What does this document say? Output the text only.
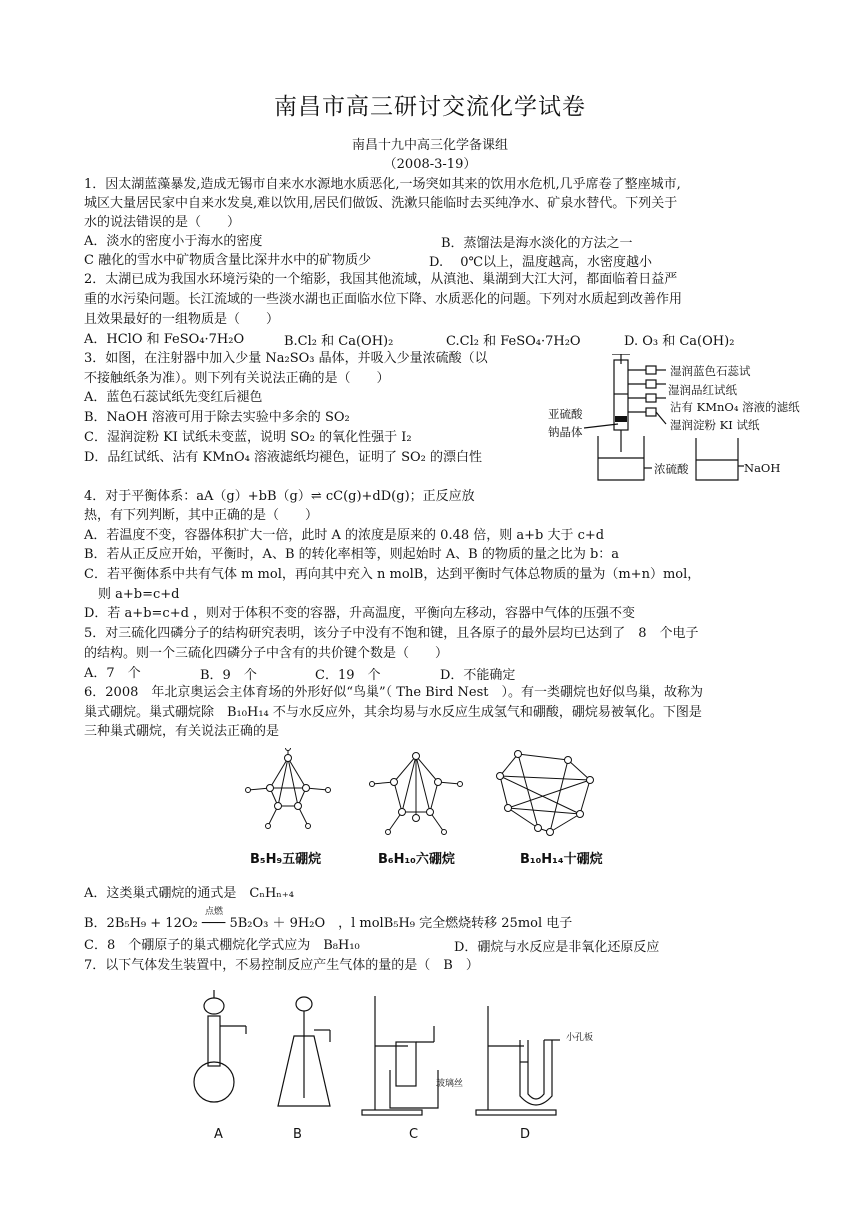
南昌市高三研讨交流化学试卷
南昌十九中高三化学备课组
（2008-3-19）
1．因太湖蓝藻暴发,造成无锡市自来水水源地水质恶化,一场突如其来的饮用水危机,几乎席卷了整座城市,
城区大量居民家中自来水发臭,难以饮用,居民们做饭、洗漱只能临时去买纯净水、矿泉水替代。下列关于
水的说法错误的是（　　）
A．淡水的密度小于海水的密度	B．蒸馏法是海水淡化的方法之一
C 融化的雪水中矿物质含量比深井水中的矿物质少	D.　 0℃以上，温度越高，水密度越小
2．太湖已成为我国水环境污染的一个缩影，我国其他流域，从滇池、巢湖到大江大河，都面临着日益严
重的水污染问题。长江流域的一些淡水湖也正面临水位下降、水质恶化的问题。下列对水质起到改善作用
且效果最好的一组物质是（　　）
A．HClO 和 FeSO₄·7H₂O	B.Cl₂ 和 Ca(OH)₂	C.Cl₂ 和 FeSO₄·7H₂O	D. O₃ 和 Ca(OH)₂
3．如图，在注射器中加入少量 Na₂SO₃ 晶体，并吸入少量浓硫酸（以
不接触纸条为准）。则下列有关说法正确的是（　　）
A．蓝色石蕊试纸先变红后褪色
B．NaOH 溶液可用于除去实验中多余的 SO₂
C．湿润淀粉 KI 试纸未变蓝，说明 SO₂ 的氧化性强于 I₂
D．品红试纸、沾有 KMnO₄ 溶液滤纸均褪色，证明了 SO₂ 的漂白性
湿润蓝色石蕊试
湿润品红试纸
沾有 KMnO₄ 溶液的滤纸
湿润淀粉 KI 试纸
亚硫酸
钠晶体
浓硫酸	NaOH
4．对于平衡体系：aA（g）+bB（g）⇌ cC(g)+dD(g)；正反应放
热，有下列判断，其中正确的是（　　）
A．若温度不变，容器体积扩大一倍，此时 A 的浓度是原来的 0.48 倍，则 a+b 大于 c+d
B．若从正反应开始，平衡时，A、B 的转化率相等，则起始时 A、B 的物质的量之比为 b：a
C．若平衡体系中共有气体 m mol，再向其中充入 n molB，达到平衡时气体总物质的量为（m+n）mol，
则 a+b=c+d
D．若 a+b=c+d ，则对于体积不变的容器，升高温度，平衡向左移动，容器中气体的压强不变
5．对三硫化四磷分子的结构研究表明，该分子中没有不饱和键，且各原子的最外层均已达到了　8　个电子
的结构。则一个三硫化四磷分子中含有的共价键个数是（　　）
A．7　个	B．9　个	C．19　个	D．不能确定
6．2008　年北京奥运会主体育场的外形好似“鸟巢”（ The Bird Nest　）。有一类硼烷也好似鸟巢，故称为
巢式硼烷。巢式硼烷除　B₁₀H₁₄ 不与水反应外，其余均易与水反应生成氢气和硼酸，硼烷易被氧化。下图是
三种巢式硼烷，有关说法正确的是
B₅H₉五硼烷	B₆H₁₀六硼烷	B₁₀H₁₄十硼烷
A．这类巢式硼烷的通式是　CₙHₙ₊₄
点燃
B．2B₅H₉ + 12O₂ ─── 5B₂O₃ ＋ 9H₂O　，l molB₅H₉ 完全燃烧转移 25mol 电子
C．8　个硼原子的巢式棚烷化学式应为　B₈H₁₀	D．硼烷与水反应是非氧化还原反应
7．以下气体发生装置中，不易控制反应产生气体的量的是（　B　）
A	B	C	D
玻璃丝
小孔板
